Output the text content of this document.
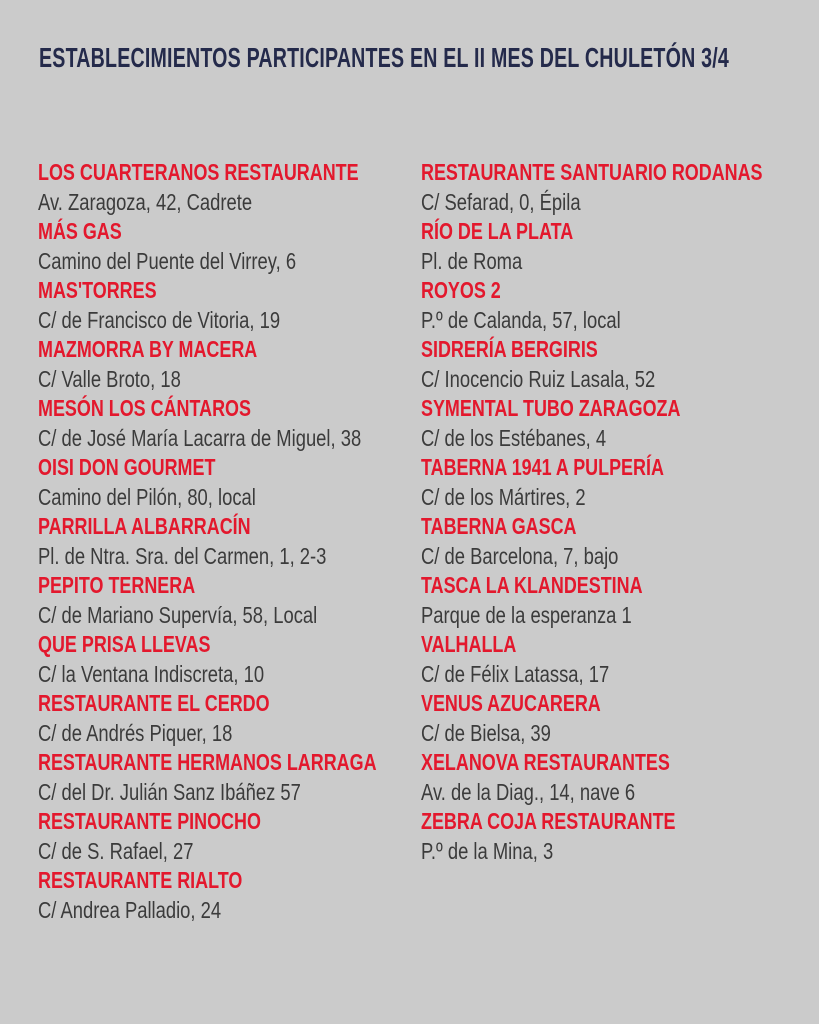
ESTABLECIMIENTOS PARTICIPANTES EN EL II MES DEL CHULETÓN 3/4
LOS CUARTERANOS RESTAURANTE
Av. Zaragoza, 42, Cadrete
MÁS GAS
Camino del Puente del Virrey, 6
MAS'TORRES
C/ de Francisco de Vitoria, 19
MAZMORRA BY MACERA
C/ Valle Broto, 18
MESÓN LOS CÁNTAROS
C/ de José María Lacarra de Miguel, 38
OISI DON GOURMET
Camino del Pilón, 80, local
PARRILLA ALBARRACÍN
Pl. de Ntra. Sra. del Carmen, 1, 2-3
PEPITO TERNERA
C/ de Mariano Supervía, 58, Local
QUE PRISA LLEVAS
C/ la Ventana Indiscreta, 10
RESTAURANTE EL CERDO
C/ de Andrés Piquer, 18
RESTAURANTE HERMANOS LARRAGA
C/ del Dr. Julián Sanz Ibáñez 57
RESTAURANTE PINOCHO
C/ de S. Rafael, 27
RESTAURANTE RIALTO
C/ Andrea Palladio, 24
RESTAURANTE SANTUARIO RODANAS
C/ Sefarad, 0, Épila
RÍO DE LA PLATA
Pl. de Roma
ROYOS 2
P.º de Calanda, 57, local
SIDRERÍA BERGIRIS
C/ Inocencio Ruiz Lasala, 52
SYMENTAL TUBO ZARAGOZA
C/ de los Estébanes, 4
TABERNA 1941 A PULPERÍA
C/ de los Mártires, 2
TABERNA GASCA
C/ de Barcelona, 7, bajo
TASCA LA KLANDESTINA
Parque de la esperanza 1
VALHALLA
C/ de Félix Latassa, 17
VENUS AZUCARERA
C/ de Bielsa, 39
XELANOVA RESTAURANTES
Av. de la Diag., 14, nave 6
ZEBRA COJA RESTAURANTE
P.º de la Mina, 3
